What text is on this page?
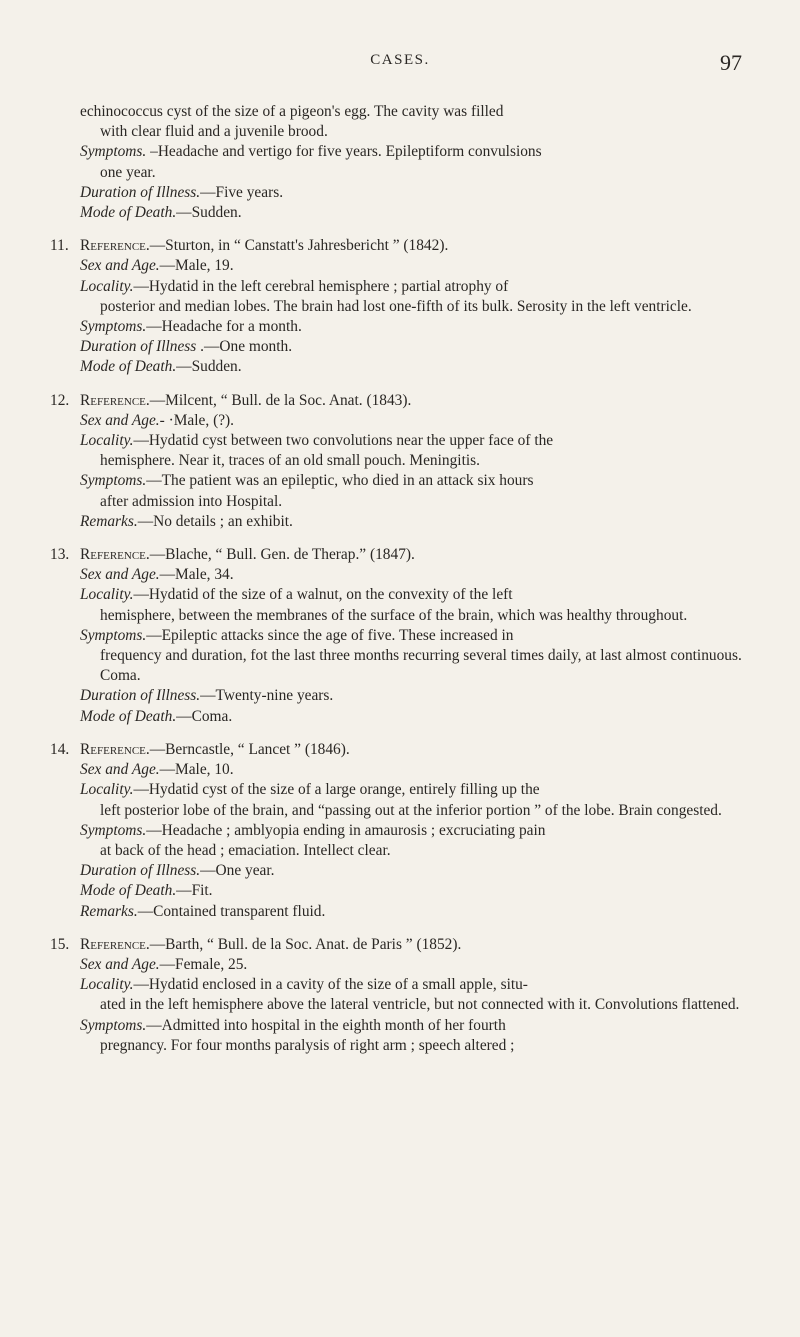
CASES.	97
echinococcus cyst of the size of a pigeon's egg. The cavity was filled
with clear fluid and a juvenile brood.
Symptoms. –Headache and vertigo for five years. Epileptiform convulsions
one year.
Duration of Illness.—Five years.
Mode of Death.—Sudden.
11. Reference.—Sturton, in “ Canstatt's Jahresbericht ” (1842).
Sex and Age.—Male, 19.
Locality.—Hydatid in the left cerebral hemisphere ; partial atrophy of
posterior and median lobes. The brain had lost one-fifth of its bulk. Serosity in the left ventricle.
Symptoms.—Headache for a month.
Duration of Illness .—One month.
Mode of Death.—Sudden.
12. Reference.—Milcent, “ Bull. de la Soc. Anat. (1843).
Sex and Age.- ·Male, (?).
Locality.—Hydatid cyst between two convolutions near the upper face of the
hemisphere. Near it, traces of an old small pouch. Meningitis.
Symptoms.—The patient was an epileptic, who died in an attack six hours
after admission into Hospital.
Remarks.—No details ; an exhibit.
13. Reference.—Blache, “ Bull. Gen. de Therap.” (1847).
Sex and Age.—Male, 34.
Locality.—Hydatid of the size of a walnut, on the convexity of the left
hemisphere, between the membranes of the surface of the brain, which was healthy throughout.
Symptoms.—Epileptic attacks since the age of five. These increased in
frequency and duration, fot the last three months recurring several times daily, at last almost continuous. Coma.
Duration of Illness.—Twenty-nine years.
Mode of Death.—Coma.
14. Reference.—Berncastle, “ Lancet ” (1846).
Sex and Age.—Male, 10.
Locality.—Hydatid cyst of the size of a large orange, entirely filling up the
left posterior lobe of the brain, and “passing out at the inferior portion ” of the lobe. Brain congested.
Symptoms.—Headache ; amblyopia ending in amaurosis ; excruciating pain
at back of the head ; emaciation. Intellect clear.
Duration of Illness.—One year.
Mode of Death.—Fit.
Remarks.—Contained transparent fluid.
15. Reference.—Barth, “ Bull. de la Soc. Anat. de Paris ” (1852).
Sex and Age.—Female, 25.
Locality.—Hydatid enclosed in a cavity of the size of a small apple, situ-
ated in the left hemisphere above the lateral ventricle, but not connected with it. Convolutions flattened.
Symptoms.—Admitted into hospital in the eighth month of her fourth
pregnancy. For four months paralysis of right arm ; speech altered ;
